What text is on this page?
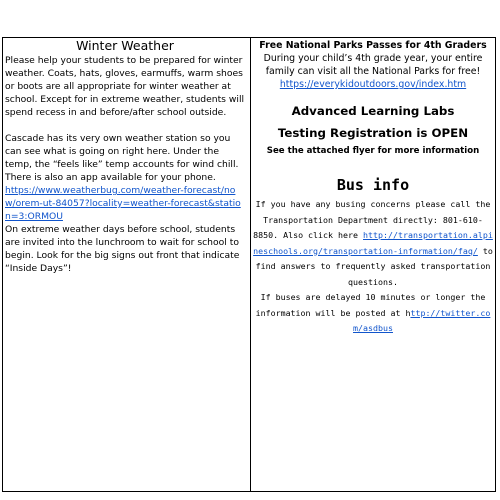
Winter Weather

Please help your students to be prepared for winter weather. Coats, hats, gloves, earmuffs, warm shoes or boots are all appropriate for winter weather at school. Except for in extreme weather, students will spend recess in and before/after school outside.

Cascade has its very own weather station so you can see what is going on right here. Under the temp, the “feels like” temp accounts for wind chill. There is also an app available for your phone.

https://www.weatherbug.com/weather-forecast/now/orem-ut-84057?locality=weather-forecast&station=3:ORMOU

On extreme weather days before school, students are invited into the lunchroom to wait for school to begin. Look for the big signs out front that indicate “Inside Days”!

Free National Parks Passes for 4th Graders
During your child’s 4th grade year, your entire family can visit all the National Parks for free!
https://everykidoutdoors.gov/index.htm
Advanced Learning Labs
Testing Registration is OPEN
See the attached flyer for more information
Bus info
If you have any busing concerns please call the Transportation Department directly: 801-610-8850. Also click here http://transportation.alpineschools.org/transportation-information/faq/ to find answers to frequently asked transportation questions.
If buses are delayed 10 minutes or longer the information will be posted at http://twitter.com/asdbus
